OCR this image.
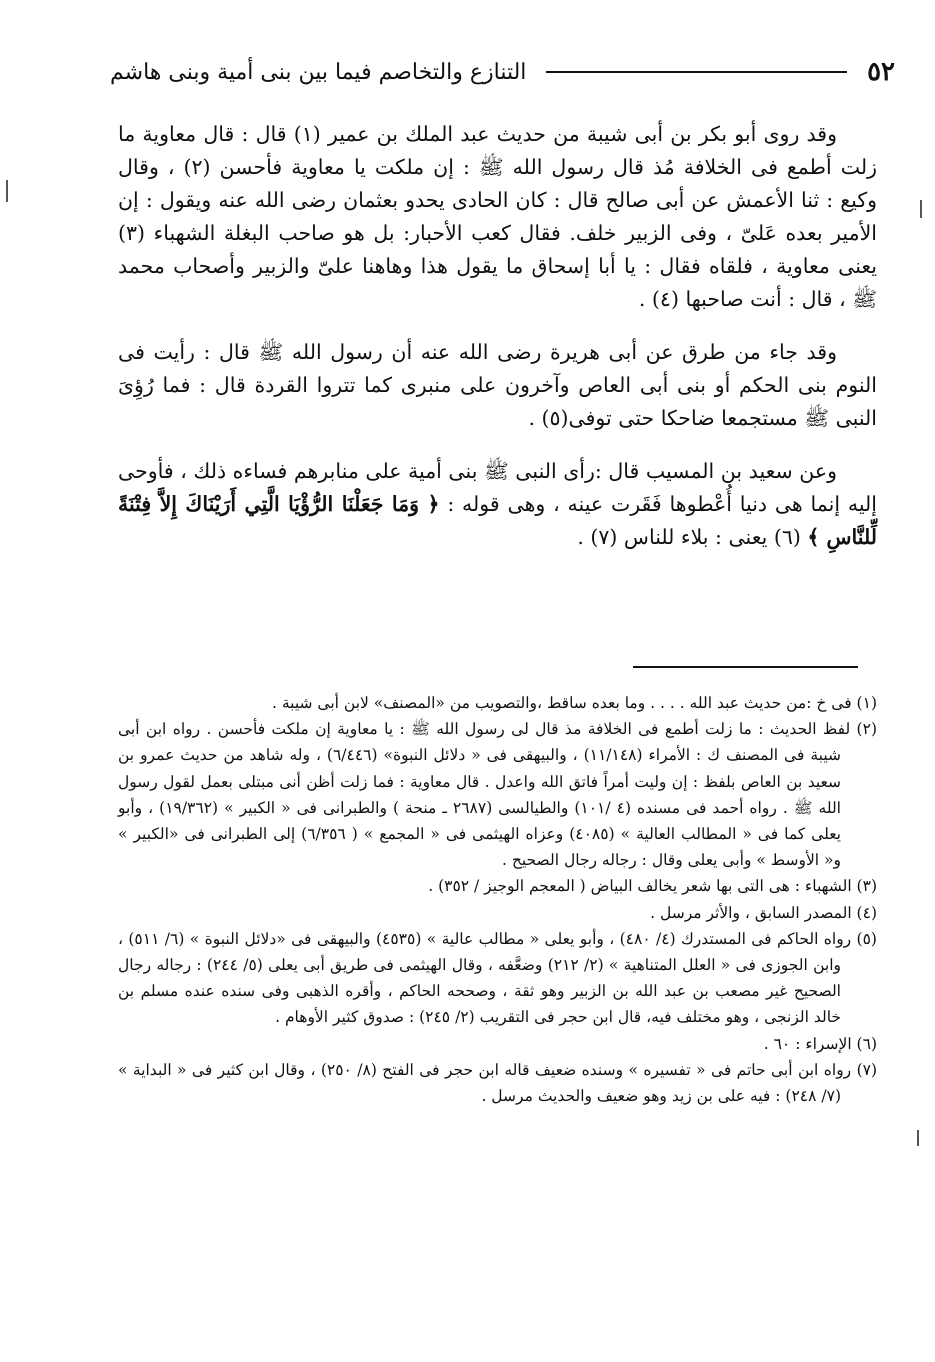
٥٢
التنازع والتخاصم فيما بين بنى أمية وبنى هاشم

وقد روى أبو بكر بن أبى شيبة من حديث عبد الملك بن عمير (١) قال : قال معاوية ما زلت أطمع فى الخلافة مُذ قال رسول الله ﷺ : إن ملكت يا معاوية فأحسن (٢) ، وقال وكيع : ثنا الأعمش عن أبى صالح قال : كان الحادى يحدو بعثمان رضى الله عنه ويقول : إن الأمير بعده عَلىّ ، وفى الزبير خلف. فقال كعب الأحبار: بل هو صاحب البغلة الشهباء (٣) يعنى معاوية ، فلقاه فقال : يا أبا إسحاق ما يقول هذا وهاهنا علىّ والزبير وأصحاب محمد ﷺ ، قال : أنت صاحبها (٤) .

وقد جاء من طرق عن أبى هريرة رضى الله عنه أن رسول الله ﷺ قال : رأيت فى النوم بنى الحكم أو بنى أبى العاص وآخرون على منبرى كما تتروا القردة قال : فما رُؤِىَ النبى ﷺ مستجمعا ضاحكا حتى توفى(٥) .

وعن سعيد بن المسيب قال :رأى النبى ﷺ بنى أمية على منابرهم فساءه ذلك ، فأوحى إليه إنما هى دنيا أُعْطوها فَقَرت عينه ، وهى قوله : ﴿ وَمَا جَعَلْنَا الرُّؤْيَا الَّتِي أَرَيْنَاكَ إِلاَّ فِتْنَةً لِّلنَّاسِ ﴾ (٦) يعنى : بلاء للناس (٧) .

(١) فى خ :من حديث عبد الله . . . . وما بعده ساقط ،والتصويب من «المصنف» لابن أبى شيبة .
(٢) لفظ الحديث : ما زلت أطمع فى الخلافة مذ قال لى رسول الله ﷺ : يا معاوية إن ملكت فأحسن . رواه ابن أبى شيبة فى المصنف ك : الأمراء (١١/١٤٨) ، والبيهقى فى « دلائل النبوة» (٦/٤٤٦) ، وله شاهد من حديث عمرو بن سعيد بن العاص بلفظ : إن وليت أمراً فاتق الله واعدل . قال معاوية : فما زلت أظن أنى مبتلى بعمل لقول رسول الله ﷺ . رواه أحمد فى مسنده (٤ /١٠١) والطيالسى (٢٦٨٧ ـ منحة ) والطبرانى فى « الكبير » (١٩/٣٦٢) ، وأبو يعلى كما فى « المطالب العالية » (٤٠٨٥) وعزاه الهيثمى فى « المجمع » ( ٦/٣٥٦) إلى الطبرانى فى «الكبير » و« الأوسط » وأبى يعلى وقال : رجاله رجال الصحيح .
(٣) الشهباء : هى التى بها شعر يخالف البياض ( المعجم الوجيز / ٣٥٢) .
(٤) المصدر السابق ، والأثر مرسل .
(٥) رواه الحاكم فى المستدرك (٤/ ٤٨٠) ، وأبو يعلى « مطالب عالية » (٤٥٣٥) والبيهقى فى «دلائل النبوة » (٦/ ٥١١) ، وابن الجوزى فى « العلل المتناهية » (٢/ ٢١٢) وضعَّفه ، وقال الهيثمى فى طريق أبى يعلى (٥/ ٢٤٤) : رجاله رجال الصحيح غير مصعب بن عبد الله بن الزبير وهو ثقة ، وصححه الحاكم ، وأقره الذهبى وفى سنده عنده مسلم بن خالد الزنجى ، وهو مختلف فيه، قال ابن حجر فى التقريب (٢/ ٢٤٥) : صدوق كثير الأوهام .
(٦) الإسراء : ٦٠ .
(٧) رواه ابن أبى حاتم فى « تفسيره » وسنده ضعيف قاله ابن حجر فى الفتح (٨/ ٢٥٠) ، وقال ابن كثير فى « البداية » (٧/ ٢٤٨) : فيه على بن زيد وهو ضعيف والحديث مرسل .
